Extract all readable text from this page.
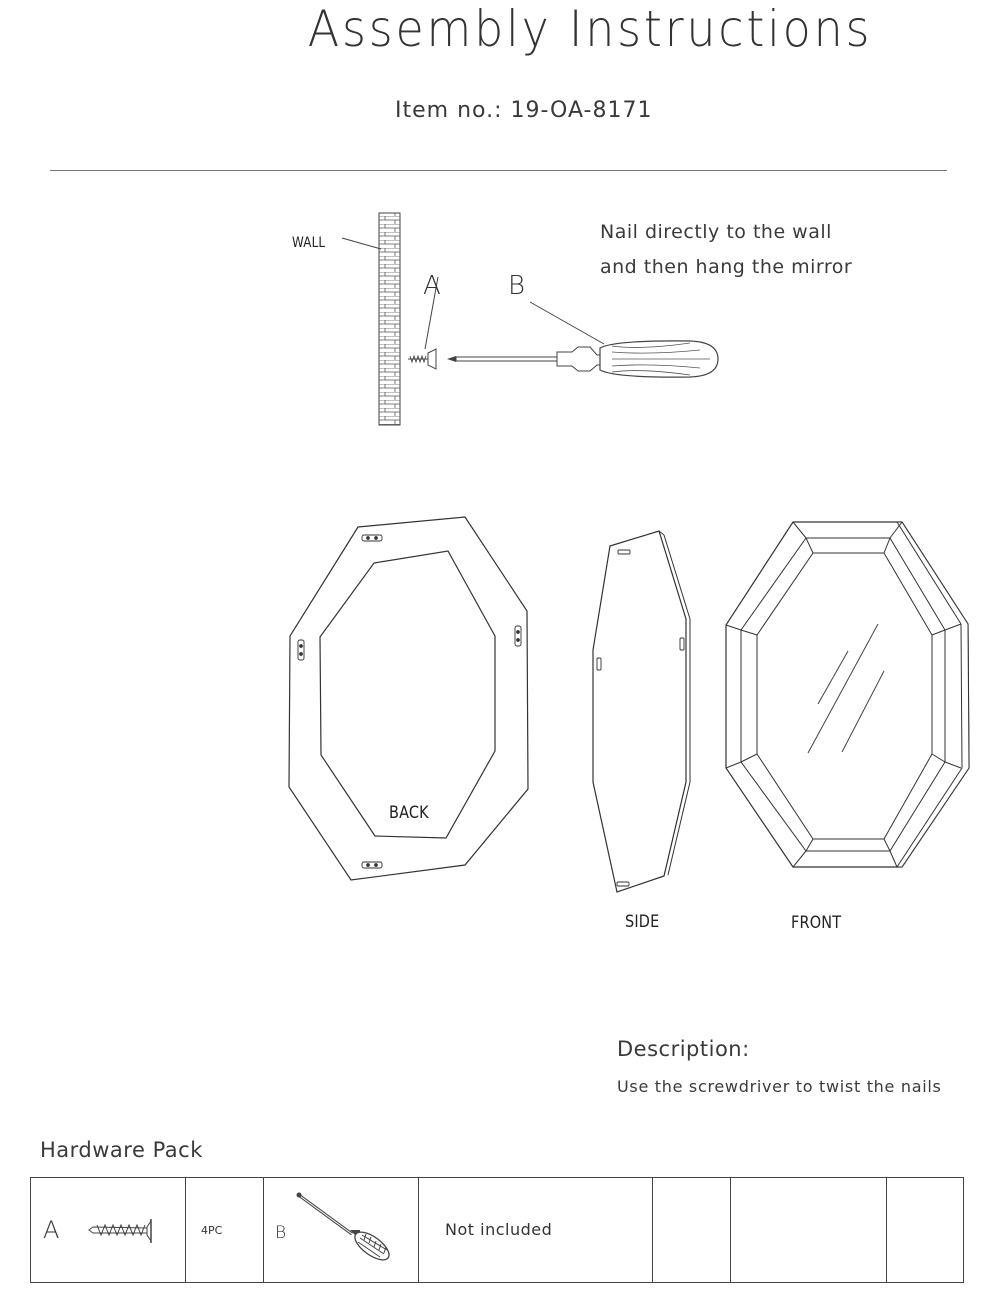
Assembly Instructions
Item no.: 19-OA-8171
WALL
A	B
Nail directly to the wall
and then hang the mirror
BACK
SIDE	FRONT
Description:
Use the screwdriver to twist the nails
Hardware Pack
A	4PC	B	Not included
